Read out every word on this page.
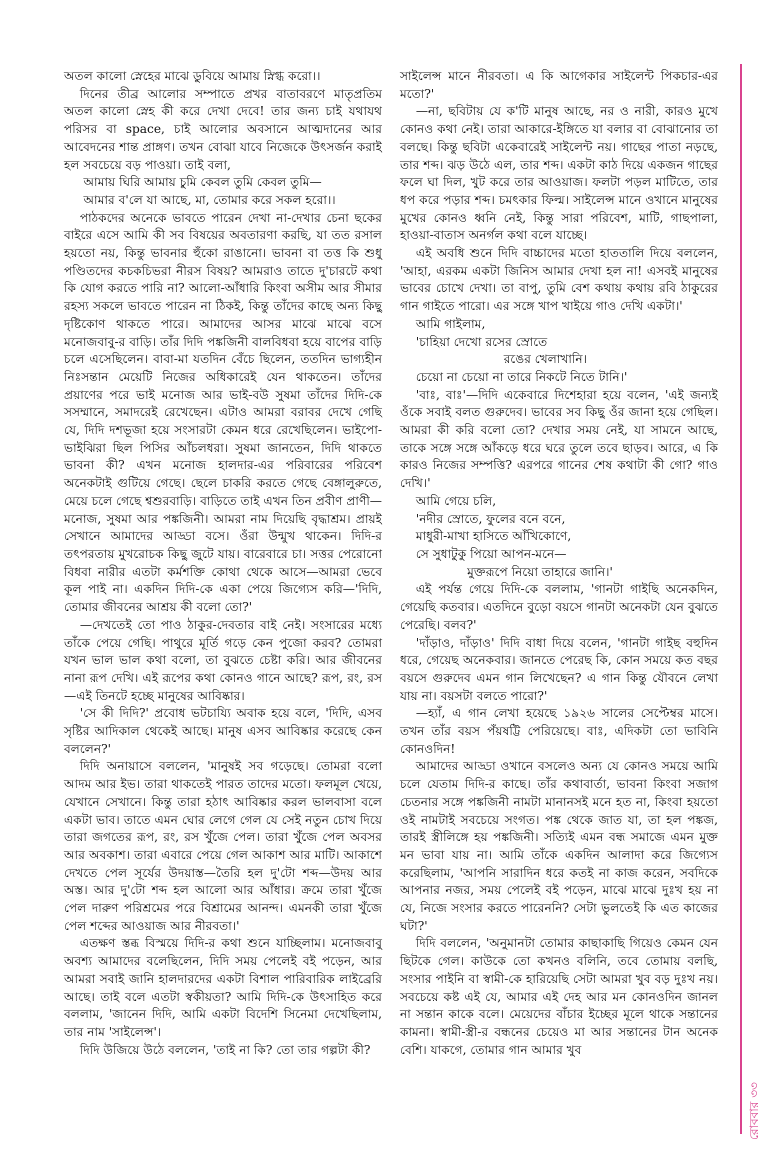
অতল কালো স্নেহের মাঝে ডুবিয়ে আমায় স্নিগ্ধ করো।।

দিনের তীব্র আলোর সম্পাতে প্রখর বাতাবরণে মাতৃপ্রতিম অতল কালো স্নেহ কী করে দেখা দেবে! তার জন্য চাই যথাযথ পরিসর বা space, চাই আলোর অবসানে আত্মদানের আর আবেদনের শান্ত প্রাঙ্গণ। তখন বোঝা যাবে নিজেকে উৎসর্জন করাই হল সবচেয়ে বড় পাওয়া। তাই বলা,

আমায় ঘিরি আমায় চুমি কেবল তুমি কেবল তুমি—

আমার ব'লে যা আছে, মা, তোমার করে সকল হরো।।

পাঠকদের অনেকে ভাবতে পারেন দেখা না-দেখার চেনা ছকের বাইরে এসে আমি কী সব বিষয়ের অবতারণা করছি, যা তত রসাল হয়তো নয়, কিন্তু ভাবনার হুঁকো রাঙানো। ভাবনা বা তত্ত কি শুধু পণ্ডিতদের কচকচিভরা নীরস বিষয়? আমরাও তাতে দু'চারটে কথা কি যোগ করতে পারি না? আলো-আঁধারি কিংবা অসীম আর সীমার রহস্য সকলে ভাবতে পারেন না ঠিকই, কিন্তু তাঁদের কাছে অন্য কিছু দৃষ্টিকোণ থাকতে পারে। আমাদের আসর মাঝে মাঝে বসে মনোজবাবু-র বাড়ি। তাঁর দিদি পঙ্কজিনী বালবিধবা হয়ে বাপের বাড়ি চলে এসেছিলেন। বাবা-মা যতদিন বেঁচে ছিলেন, ততদিন ভাগ্যহীন নিঃসন্তান মেয়েটি নিজের অধিকারেই যেন থাকতেন। তাঁদের প্রয়াণের পরে ভাই মনোজ আর ভাই-বউ সুষমা তাঁদের দিদি-কে সসম্মানে, সমাদরেই রেখেছেন। এটাও আমরা বরাবর দেখে গেছি যে, দিদি দশভূজা হয়ে সংসারটা কেমন ধরে রেখেছিলেন। ভাইপো-ভাইঝিরা ছিল পিসির আঁচলধরা। সুষমা জানতেন, দিদি থাকতে ভাবনা কী? এখন মনোজ হালদার-এর পরিবারের পরিবেশ অনেকটাই গুটিয়ে গেছে। ছেলে চাকরি করতে গেছে বেঙ্গালুরুতে, মেয়ে চলে গেছে শ্বশুরবাড়ি। বাড়িতে তাই এখন তিন প্রবীণ প্রাণী—মনোজ, সুষমা আর পঙ্কজিনী। আমরা নাম দিয়েছি বৃদ্ধাশ্রম। প্রায়ই সেখানে আমাদের আড্ডা বসে। ওঁরা উন্মুখ থাকেন। দিদি-র তৎপরতায় মুখরোচক কিছু জুটে যায়। বারেবারে চা। সত্তর পেরোনো বিধবা নারীর এতটা কর্মশক্তি কোথা থেকে আসে—আমরা ভেবে কূল পাই না। একদিন দিদি-কে একা পেয়ে জিগ্যেস করি—'দিদি, তোমার জীবনের আশ্রয় কী বলো তো?'

—দেখতেই তো পাও ঠাকুর-দেবতার বাই নেই। সংসারের মধ্যে তাঁকে পেয়ে গেছি। পাথুরে মূর্তি গড়ে কেন পুজো করব? তোমরা যখন ভাল ভাল কথা বলো, তা বুঝতে চেষ্টা করি। আর জীবনের নানা রূপ দেখি। এই রূপের কথা কোনও গানে আছে? রূপ, রং, রস—এই তিনটে হচ্ছে মানুষের আবিষ্কার।

'সে কী দিদি?' প্রবোধ ভটচায্যি অবাক হয়ে বলে, 'দিদি, এসব সৃষ্টির আদিকাল থেকেই আছে। মানুষ এসব আবিষ্কার করেছে কেন বললেন?'

দিদি অনায়াসে বললেন, 'মানুষই সব গড়েছে। তোমরা বলো আদম আর ইভ। তারা থাকতেই পারত তাদের মতো। ফলমূল খেয়ে, যেখানে সেখানে। কিন্তু তারা হঠাৎ আবিষ্কার করল ভালবাসা বলে একটা ভাব। তাতে এমন ঘোর লেগে গেল যে সেই নতুন চোখ দিয়ে তারা জগতের রূপ, রং, রস খুঁজে পেল। তারা খুঁজে পেল অবসর আর অবকাশ। তারা এবারে পেয়ে গেল আকাশ আর মাটি। আকাশে দেখতে পেল সূর্যের উদয়াস্ত—তৈরি হল দু'টো শব্দ—উদয় আর অস্ত। আর দু'টো শব্দ হল আলো আর আঁধার। ক্রমে তারা খুঁজে পেল দারুণ পরিশ্রমের পরে বিশ্রামের আনন্দ। এমনকী তারা খুঁজে পেল শব্দের আওয়াজ আর নীরবতা।'

এতক্ষণ স্তব্ধ বিস্ময়ে দিদি-র কথা শুনে যাচ্ছিলাম। মনোজবাবু অবশ্য আমাদের বলেছিলেন, দিদি সময় পেলেই বই পড়েন, আর আমরা সবাই জানি হালদারদের একটা বিশাল পারিবারিক লাইব্রেরি আছে। তাই বলে এতটা স্বকীয়তা? আমি দিদি-কে উৎসাহিত করে বললাম, 'জানেন দিদি, আমি একটা বিদেশি সিনেমা দেখেছিলাম, তার নাম 'সাইলেন্স'।

দিদি উজিয়ে উঠে বললেন, 'তাই না কি? তো তার গল্পটা কী?

সাইলেন্স মানে নীরবতা। এ কি আগেকার সাইলেন্ট পিকচার-এর মতো?'

—না, ছবিটায় যে ক'টি মানুষ আছে, নর ও নারী, কারও মুখে কোনও কথা নেই। তারা আকারে-ইঙ্গিতে যা বলার বা বোঝানোর তা বলছে। কিন্তু ছবিটা একেবারেই সাইলেন্ট নয়। গাছের পাতা নড়ছে, তার শব্দ। ঝড় উঠে এল, তার শব্দ। একটা কাঠ দিয়ে একজন গাছের ফলে ঘা দিল, খুট করে তার আওয়াজ। ফলটা পড়ল মাটিতে, তার ধপ করে পড়ার শব্দ। চমৎকার ফিল্ম। সাইলেন্স মানে ওখানে মানুষের মুখের কোনও ধ্বনি নেই, কিন্তু সারা পরিবেশ, মাটি, গাছপালা, হাওয়া-বাতাস অনর্গল কথা বলে যাচ্ছে।

এই অবধি শুনে দিদি বাচ্চাদের মতো হাততালি দিয়ে বললেন, 'আহা, এরকম একটা জিনিস আমার দেখা হল না! এসবই মানুষের ভাবের চোখে দেখা। তা বাপু, তুমি বেশ কথায় কথায় রবি ঠাকুরের গান গাইতে পারো। এর সঙ্গে খাপ খাইয়ে গাও দেখি একটা।'

আমি গাইলাম,

'চাহিয়া দেখো রসের স্রোতে

রঙের খেলাখানি।

চেয়ো না চেয়ো না তারে নিকটে নিতে টানি।'

'বাঃ, বাঃ'—দিদি একেবারে দিশেহারা হয়ে বলেন, 'এই জন্যই ওঁকে সবাই বলত গুরুদেব। ভাবের সব কিছু ওঁর জানা হয়ে গেছিল। আমরা কী করি বলো তো? দেখার সময় নেই, যা সামনে আছে, তাকে সঙ্গে সঙ্গে আঁকড়ে ধরে ঘরে তুলে তবে ছাড়ব। আরে, এ কি কারও নিজের সম্পত্তি? এরপরে গানের শেষ কথাটা কী গো? গাও দেখি।'

আমি গেয়ে চলি,

'নদীর স্রোতে, ফুলের বনে বনে,

মাধুরী-মাখা হাসিতে আঁখিকোণে,

সে সুধাটুকু পিয়ো আপন-মনে—

মুক্তরূপে নিয়ো তাহারে জানি।'

এই পর্যন্ত গেয়ে দিদি-কে বললাম, 'গানটা গাইছি অনেকদিন, গেয়েছি কতবার। এতদিনে বুড়ো বয়সে গানটা অনেকটা যেন বুঝতে পেরেছি। বলব?'

'দাঁড়াও, দাঁড়াও' দিদি বাধা দিয়ে বলেন, 'গানটা গাইছ বহুদিন ধরে, গেয়েছ অনেকবার। জানতে পেরেছ কি, কোন সময়ে কত বছর বয়সে গুরুদেব এমন গান লিখেছেন? এ গান কিন্তু যৌবনে লেখা যায় না। বয়সটা বলতে পারো?'

—হ্যাঁ, এ গান লেখা হয়েছে ১৯২৬ সালের সেপ্টেম্বর মাসে। তখন তাঁর বয়স পঁয়ষট্টি পেরিয়েছে। বাঃ, এদিকটা তো ভাবিনি কোনওদিন!

আমাদের আড্ডা ওখানে বসলেও অন্য যে কোনও সময়ে আমি চলে যেতাম দিদি-র কাছে। তাঁর কথাবার্তা, ভাবনা কিংবা সজাগ চেতনার সঙ্গে পঙ্কজিনী নামটা মানানসই মনে হত না, কিংবা হয়তো ওই নামটাই সবচেয়ে সংগত। পঙ্ক থেকে জাত যা, তা হল পঙ্কজ, তারই স্ত্রীলিঙ্গে হয় পঙ্কজিনী। সত্যিই এমন বন্ধ সমাজে এমন মুক্ত মন ভাবা যায় না। আমি তাঁকে একদিন আলাদা করে জিগ্যেস করেছিলাম, 'আপনি সারাদিন ধরে কতই না কাজ করেন, সবদিকে আপনার নজর, সময় পেলেই বই পড়েন, মাঝে মাঝে দুঃখ হয় না যে, নিজে সংসার করতে পারেননি? সেটা ভুলতেই কি এত কাজের ঘটা?'

দিদি বললেন, 'অনুমানটা তোমার কাছাকাছি গিয়েও কেমন যেন ছিটকে গেল। কাউকে তো কখনও বলিনি, তবে তোমায় বলছি, সংসার পাইনি বা স্বামী-কে হারিয়েছি সেটা আমরা খুব বড় দুঃখ নয়। সবচেয়ে কষ্ট এই যে, আমার এই দেহ আর মন কোনওদিন জানল না সন্তান কাকে বলে। মেয়েদের বাঁচার ইচ্ছের মূলে থাকে সন্তানের কামনা। স্বামী-স্ত্রী-র বন্ধনের চেয়েও মা আর সন্তানের টান অনেক বেশি। যাকগে, তোমার গান আমার খুব

রোববার ৩৩
